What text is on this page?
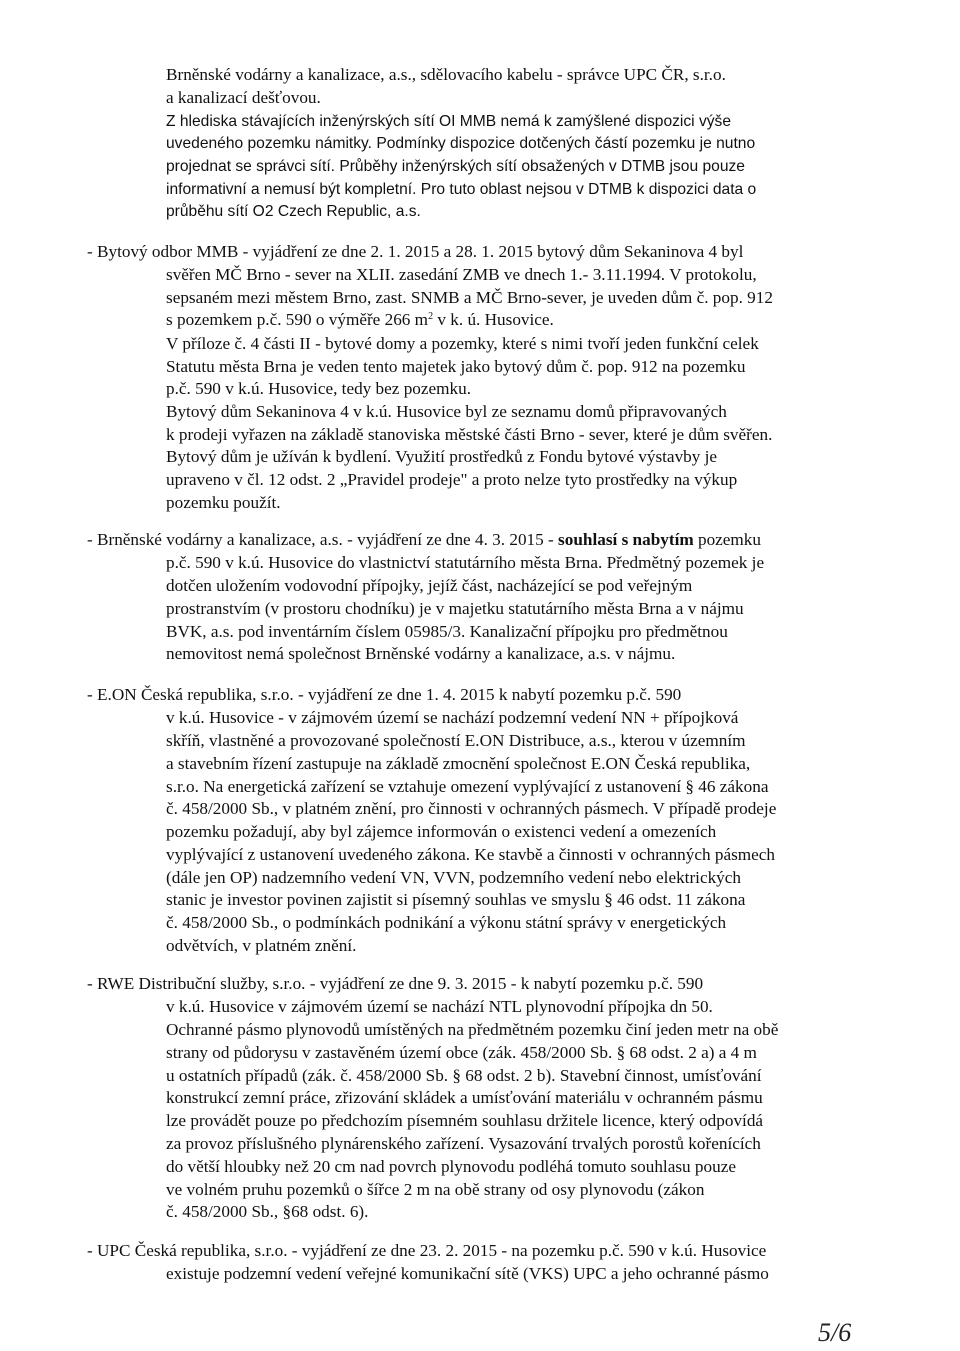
Brněnské vodárny a kanalizace, a.s., sdělovacího kabelu - správce UPC ČR, s.r.o.
a kanalizací dešťovou.
Z hlediska stávajících inženýrských sítí OI MMB nemá k zamýšlené dispozici výše
uvedeného pozemku námitky. Podmínky dispozice dotčených částí pozemku je nutno
projednat se správci sítí. Průběhy inženýrských sítí obsažených v DTMB jsou pouze
informativní a nemusí být kompletní. Pro tuto oblast nejsou v DTMB k dispozici data o
průběhu sítí O2 Czech Republic, a.s.
- Bytový odbor MMB - vyjádření ze dne 2. 1. 2015 a 28. 1. 2015 bytový dům Sekaninova 4 byl
svěřen MČ Brno - sever na XLII. zasedání ZMB ve dnech 1.- 3.11.1994. V protokolu,
sepsaném mezi městem Brno, zast. SNMB a MČ Brno-sever, je uveden dům č. pop. 912
s pozemkem p.č. 590 o výměře 266 $m^2$ v k. ú. Husovice.
V příloze č. 4 části II - bytové domy a pozemky, které s nimi tvoří jeden funkční celek
Statutu města Brna je veden tento majetek jako bytový dům č. pop. 912 na pozemku
p.č. 590 v k.ú. Husovice, tedy bez pozemku.
Bytový dům Sekaninova 4 v k.ú. Husovice byl ze seznamu domů připravovaných
k prodeji vyřazen na základě stanoviska městské části Brno - sever, které je dům svěřen.
Bytový dům je užíván k bydlení. Využití prostředků z Fondu bytové výstavby je
upraveno v čl. 12 odst. 2 „Pravidel prodeje" a proto nelze tyto prostředky na výkup
pozemku použít.
- Brněnské vodárny a kanalizace, a.s. - vyjádření ze dne 4. 3. 2015 - souhlasí s nabytím pozemku
p.č. 590 v k.ú. Husovice do vlastnictví statutárního města Brna. Předmětný pozemek je
dotčen uložením vodovodní přípojky, jejíž část, nacházející se pod veřejným
prostranstvím (v prostoru chodníku) je v majetku statutárního města Brna a v nájmu
BVK, a.s. pod inventárním číslem 05985/3. Kanalizační přípojku pro předmětnou
nemovitost nemá společnost Brněnské vodárny a kanalizace, a.s. v nájmu.
- E.ON Česká republika, s.r.o. - vyjádření ze dne 1. 4. 2015 k nabytí pozemku p.č. 590
v k.ú. Husovice - v zájmovém území se nachází podzemní vedení NN + přípojková
skříň, vlastněné a provozované společností E.ON Distribuce, a.s., kterou v územním
a stavebním řízení zastupuje na základě zmocnění společnost E.ON Česká republika,
s.r.o. Na energetická zařízení se vztahuje omezení vyplývající z ustanovení § 46 zákona
č. 458/2000 Sb., v platném znění, pro činnosti v ochranných pásmech. V případě prodeje
pozemku požadují, aby byl zájemce informován o existenci vedení a omezeních
vyplývající z ustanovení uvedeného zákona. Ke stavbě a činnosti v ochranných pásmech
(dále jen OP) nadzemního vedení VN, VVN, podzemního vedení nebo elektrických
stanic je investor povinen zajistit si písemný souhlas ve smyslu § 46 odst. 11 zákona
č. 458/2000 Sb., o podmínkách podnikání a výkonu státní správy v energetických
odvětvích, v platném znění.
- RWE Distribuční služby, s.r.o. - vyjádření ze dne 9. 3. 2015 - k nabytí pozemku p.č. 590
v k.ú. Husovice v zájmovém území se nachází NTL plynovodní přípojka dn 50.
Ochranné pásmo plynovodů umístěných na předmětném pozemku činí jeden metr na obě
strany od půdorysu v zastavěném území obce (zák. 458/2000 Sb. § 68 odst. 2 a) a 4 m
u ostatních případů (zák. č. 458/2000 Sb. § 68 odst. 2 b). Stavební činnost, umísťování
konstrukcí zemní práce, zřizování skládek a umísťování materiálu v ochranném pásmu
lze provádět pouze po předchozím písemném souhlasu držitele licence, který odpovídá
za provoz příslušného plynárenského zařízení. Vysazování trvalých porostů kořenících
do větší hloubky než 20 cm nad povrch plynovodu podléhá tomuto souhlasu pouze
ve volném pruhu pozemků o šířce 2 m na obě strany od osy plynovodu (zákon
č. 458/2000 Sb., §68 odst. 6).
- UPC Česká republika, s.r.o. - vyjádření ze dne 23. 2. 2015 - na pozemku p.č. 590 v k.ú. Husovice
existuje podzemní vedení veřejné komunikační sítě (VKS) UPC a jeho ochranné pásmo
5/6
